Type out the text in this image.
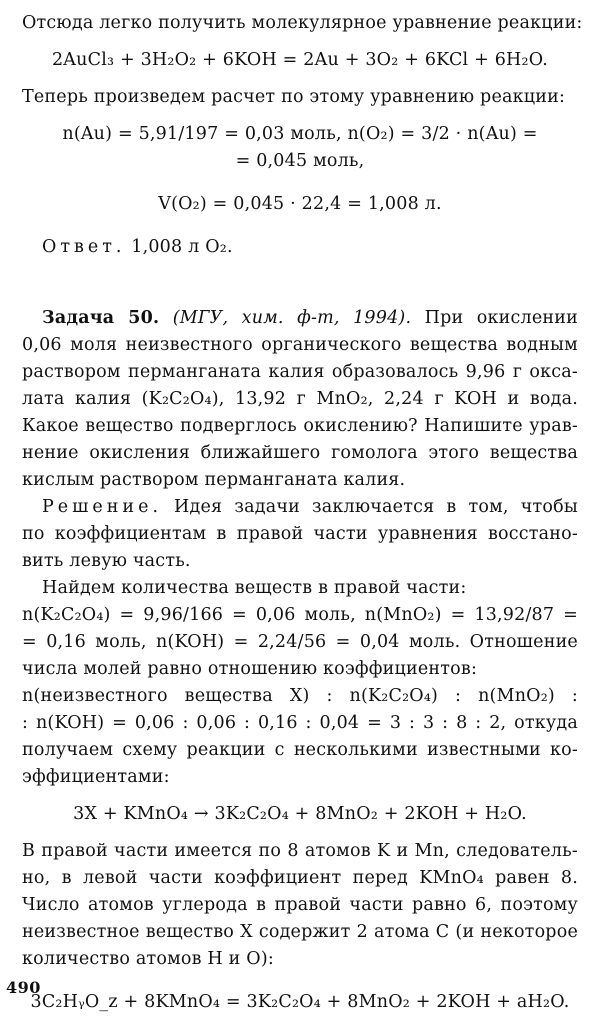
Отсюда легко получить молекулярное уравнение реакции:
2AuCl₃ + 3H₂O₂ + 6KOH = 2Au + 3O₂ + 6KCl + 6H₂O.
Теперь произведем расчет по этому уравнению реакции:
n(Au) = 5,91/197 = 0,03 моль, n(O₂) = 3/2 · n(Au) =
= 0,045 моль,
V(O₂) = 0,045 · 22,4 = 1,008 л.
Ответ. 1,008 л O₂.
Задача 50. (МГУ, хим. ф-т, 1994). При окислении
0,06 моля неизвестного органического вещества водным
раствором перманганата калия образовалось 9,96 г окса-
лата калия (K₂C₂O₄), 13,92 г MnO₂, 2,24 г KOH и вода.
Какое вещество подверглось окислению? Напишите урав-
нение окисления ближайшего гомолога этого вещества
кислым раствором перманганата калия.
Решение. Идея задачи заключается в том, чтобы
по коэффициентам в правой части уравнения восстано-
вить левую часть.
Найдем количества веществ в правой части:
n(K₂C₂O₄) = 9,96/166 = 0,06 моль, n(MnO₂) = 13,92/87 =
= 0,16 моль, n(KOH) = 2,24/56 = 0,04 моль. Отношение
числа молей равно отношению коэффициентов:
n(неизвестного вещества X) : n(K₂C₂O₄) : n(MnO₂) :
: n(KOH) = 0,06 : 0,06 : 0,16 : 0,04 = 3 : 3 : 8 : 2, откуда
получаем схему реакции с несколькими известными ко-
эффициентами:
3X + KMnO₄ → 3K₂C₂O₄ + 8MnO₂ + 2KOH + H₂O.
В правой части имеется по 8 атомов K и Mn, следователь-
но, в левой части коэффициент перед KMnO₄ равен 8.
Число атомов углерода в правой части равно 6, поэтому
неизвестное вещество X содержит 2 атома C (и некоторое
количество атомов H и O):
3C₂HᵧO_z + 8KMnO₄ = 3K₂C₂O₄ + 8MnO₂ + 2KOH + aH₂O.
490
